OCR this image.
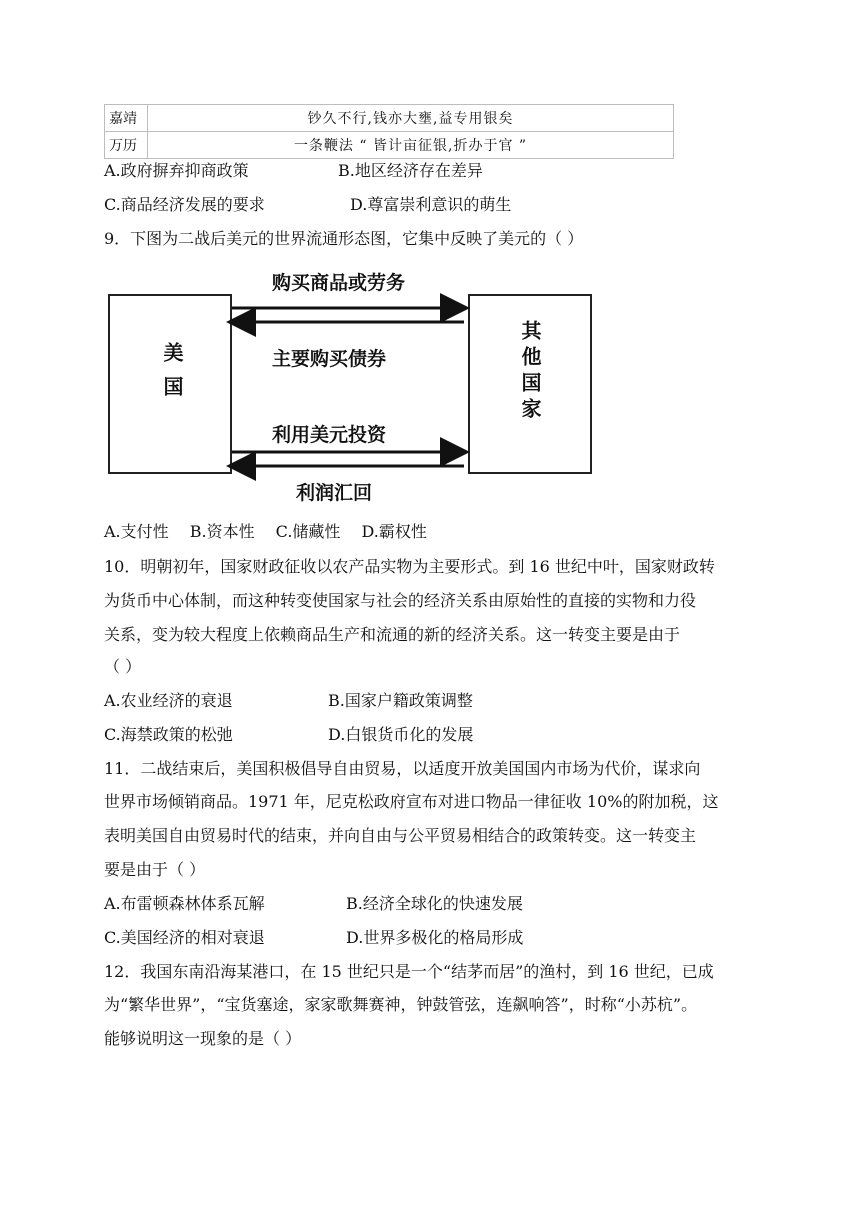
嘉靖	钞久不行,钱亦大壅,益专用银矣
万历	一条鞭法 “ 皆计亩征银,折办于官 ”
A.政府摒弃抑商政策	B.地区经济存在差异
C.商品经济发展的要求	D.尊富崇利意识的萌生
9．下图为二战后美元的世界流通形态图，它集中反映了美元的（ ）
美国	其他国家
购买商品或劳务
主要购买债券
利用美元投资
利润汇回
A.支付性　 B.资本性　 C.储藏性　 D.霸权性
10．明朝初年，国家财政征收以农产品实物为主要形式。到 16 世纪中叶，国家财政转
为货币中心体制，而这种转变使国家与社会的经济关系由原始性的直接的实物和力役
关系，变为较大程度上依赖商品生产和流通的新的经济关系。这一转变主要是由于
（ ）
A.农业经济的衰退	B.国家户籍政策调整
C.海禁政策的松弛	D.白银货币化的发展
11．二战结束后，美国积极倡导自由贸易，以适度开放美国国内市场为代价，谋求向
世界市场倾销商品。1971 年，尼克松政府宣布对进口物品一律征收 10%的附加税，这
表明美国自由贸易时代的结束，并向自由与公平贸易相结合的政策转变。这一转变主
要是由于（ ）
A.布雷顿森林体系瓦解	B.经济全球化的快速发展
C.美国经济的相对衰退	D.世界多极化的格局形成
12．我国东南沿海某港口，在 15 世纪只是一个“结茅而居”的渔村，到 16 世纪，已成
为“繁华世界”，“宝货塞途，家家歌舞赛神，钟鼓管弦，连飙响答”，时称“小苏杭”。
能够说明这一现象的是（ ）
